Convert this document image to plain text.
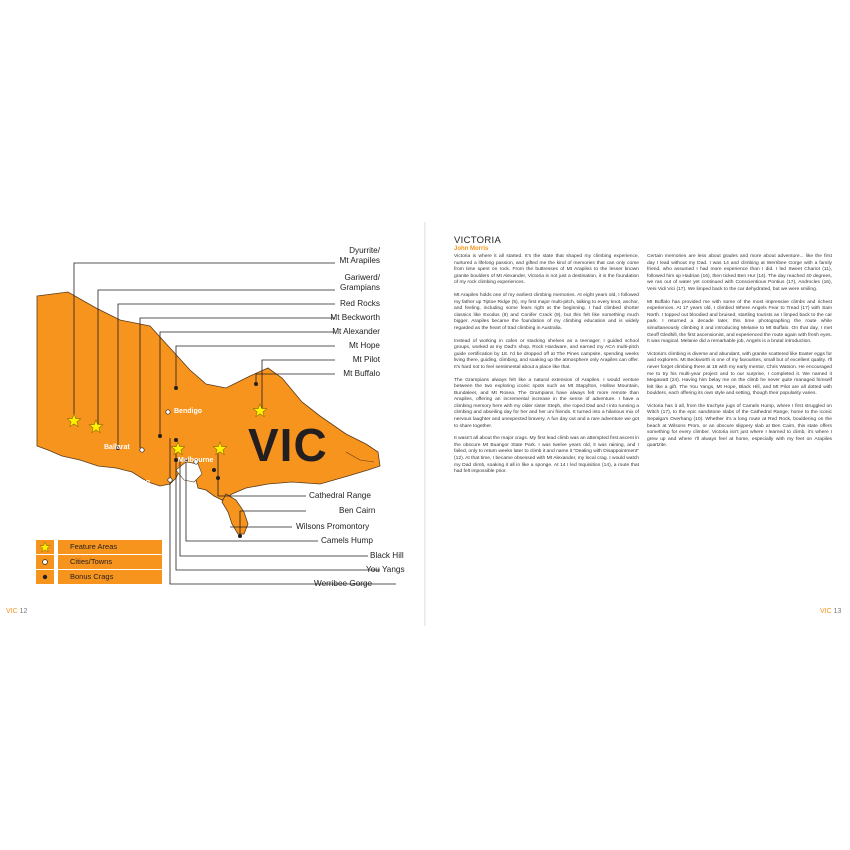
VIC
Dyurrite/
Mt Arapiles
Gariwerd/
Grampians
Red Rocks
Mt Beckworth
Mt Alexander
Mt Hope
Mt Pilot
Mt Buffalo
Cathedral Range
Ben Cairn
Wilsons Promontory
Camels Hump
Black Hill
You Yangs
Werribee Gorge
Bendigo
Ballarat
Melbourne
Geelong
Feature Areas
Cities/Towns
Bonus Crags
VIC 12	VIC 13
VICTORIA
John Morris

Victoria is where it all started. It's the state that shaped my climbing experience, nurtured a lifelong passion, and gifted me the kind of memories that can only come from time spent on rock. From the buttresses of Mt Arapiles to the lesser known granite boulders of Mt Alexander, Victoria is not just a destination, it is the foundation of my rock climbing experiences.

Mt Arapiles holds one of my earliest climbing memories. At eight years old, I followed my father up Tiptoe Ridge (5), my first major multi-pitch, talking to every knot, anchor, and feeling, including some fears right at the beginning. I had climbed shorter classics like Exodus (8) and Conifer Crack (9), but this felt like something much bigger. Arapiles became the foundation of my climbing education and is widely regarded as the heart of trad climbing in Australia.

Instead of working in cafes or stacking shelves as a teenager, I guided school groups, worked at my Dad's shop, Rock Hardware, and earned my ACA multi-pitch guide certification by 18. I'd be dropped off at The Pines campsite, spending weeks living there, guiding, climbing, and soaking up the atmosphere only Arapiles can offer. It's hard not to feel sentimental about a place like that.

The Grampians always felt like a natural extension of Arapiles. I would venture between the two exploring iconic spots such as Mt Stapylton, Hollow Mountain, Bundaleer, and Mt Rosea. The Grampians have always felt more remote than Arapiles, offering an incremental increase in the sense of adventure. I have a climbing memory here with my older sister Steph, she roped Dad and I into running a climbing and abseiling day for her and her uni friends. It turned into a hilarious mix of nervous laughter and unexpected bravery. A fun day out and a rare adventure we got to share together.

It wasn't all about the major crags. My first lead climb was an attempted first ascent in the obscure Mt Buangor State Park. I was twelve years old, it was raining, and I failed, only to return weeks later to climb it and name it "Dealing with Disappointment" (12). At that time, I became obsessed with Mt Alexander, my local crag. I would watch my Dad climb, soaking it all in like a sponge. At 14 I led Inquisition (14), a route that had felt impossible prior.

Certain memories are less about grades and more about adventure... like the first day I lead without my Dad. I was 14 and climbing at Werribee Gorge with a family friend, who assumed I had more experience than I did. I led Sweet Chariot (11), followed him up Hadrian (16), then ticked Ben Hur (14). The day reached 40 degrees, we ran out of water yet continued with Conscientious Pontius (17), Androcles (16), Veni Vidi Vici (17). We limped back to the car dehydrated, but we were smiling.

Mt Buffalo has provided me with some of the most impressive climbs and richest experiences. At 17 years old, I climbed Where Angels Fear to Tread (17) with Sam North. I topped out bloodied and bruised, startling tourists as I limped back to the car park. I returned a decade later, this time photographing the route while simultaneously climbing it and introducing Melanie to Mt Buffalo. On that day, I met Geoff Gledhill, the first ascensionist, and experienced the route again with fresh eyes. It was magical. Melanie did a remarkable job, Angels is a brutal introduction.

Victoria's climbing is diverse and abundant, with granite scattered like Easter eggs for avid explorers. Mt Beckworth is one of my favourites, small but of excellent quality. I'll never forget climbing there at 18 with my early mentor, Chris Watson. He encouraged me to try his multi-year project and to our surprise, I completed it. We named it Megawatt (24). Having him belay me on the climb he never quite managed himself felt like a gift. The You Yangs, Mt Hope, Black Hill, and Mt Pilot are all dotted with boulders, each offering its own style and setting, though their popularity varies.

Victoria has it all, from the trachyte jugs of Camels Hump, where I first struggled on Witch (17), to the epic sandstone slabs of the Cathedral Range, home to the iconic Sepalga's Overhang (10). Whether it's a long route at Red Rock, bouldering on the beach at Wilsons Prom, or an obscure slippery slab at Ben Cairn, this state offers something for every climber. Victoria isn't just where I learned to climb, it's where I grew up and where I'll always feel at home, especially with my feet on Arapiles quartzite.
